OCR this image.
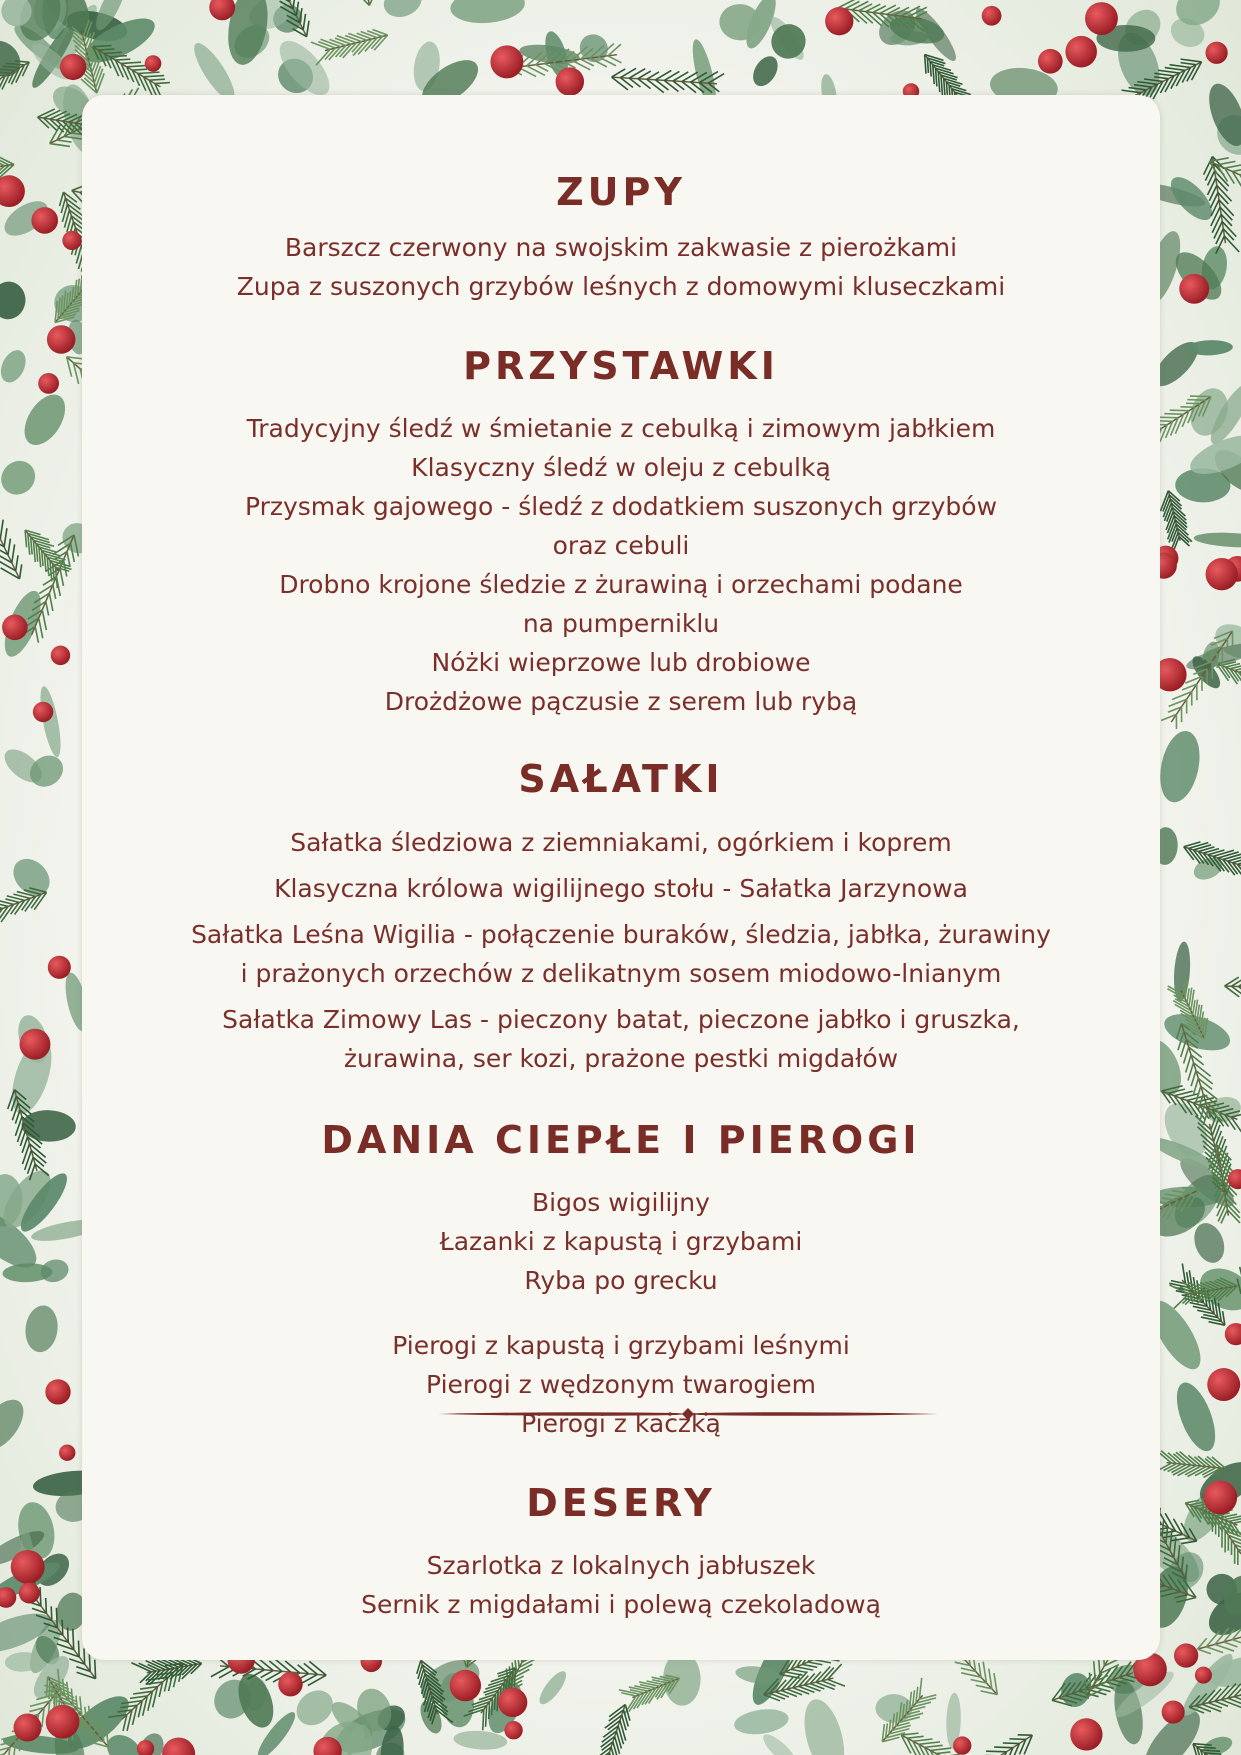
ZUPY
Barszcz czerwony na swojskim zakwasie z pierożkami
Zupa z suszonych grzybów leśnych z domowymi kluseczkami
PRZYSTAWKI
Tradycyjny śledź w śmietanie z cebulką i zimowym jabłkiem
Klasyczny śledź w oleju z cebulką
Przysmak gajowego - śledź z dodatkiem suszonych grzybów
oraz cebuli
Drobno krojone śledzie z żurawiną i orzechami podane
na pumperniklu
Nóżki wieprzowe lub drobiowe
Drożdżowe pączusie z serem lub rybą
SAŁATKI
Sałatka śledziowa z ziemniakami, ogórkiem i koprem
Klasyczna królowa wigilijnego stołu - Sałatka Jarzynowa
Sałatka Leśna Wigilia - połączenie buraków, śledzia, jabłka, żurawiny
i prażonych orzechów z delikatnym sosem miodowo-lnianym
Sałatka Zimowy Las - pieczony batat, pieczone jabłko i gruszka,
żurawina, ser kozi, prażone pestki migdałów
DANIA CIEPŁE I PIEROGI
Bigos wigilijny
Łazanki z kapustą i grzybami
Ryba po grecku
Pierogi z kapustą i grzybami leśnymi
Pierogi z wędzonym twarogiem
Pierogi z kaczką
DESERY
Szarlotka z lokalnych jabłuszek
Sernik z migdałami i polewą czekoladową
